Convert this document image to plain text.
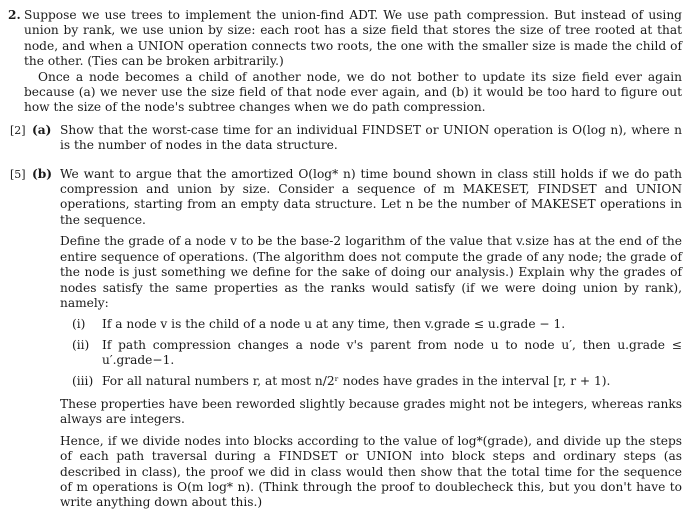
2. Suppose we use trees to implement the union-find ADT. We use path compression. But instead of using union by rank, we use union by size: each root has a size field that stores the size of tree rooted at that node, and when a UNION operation connects two roots, the one with the smaller size is made the child of the other. (Ties can be broken arbitrarily.)

Once a node becomes a child of another node, we do not bother to update its size field ever again because (a) we never use the size field of that node ever again, and (b) it would be too hard to figure out how the size of the node's subtree changes when we do path compression.

[2] (a) Show that the worst-case time for an individual FINDSET or UNION operation is O(log n), where n is the number of nodes in the data structure.

[5] (b) We want to argue that the amortized O(log* n) time bound shown in class still holds if we do path compression and union by size. Consider a sequence of m MAKESET, FINDSET and UNION operations, starting from an empty data structure. Let n be the number of MAKESET operations in the sequence.

Define the grade of a node v to be the base-2 logarithm of the value that v.size has at the end of the entire sequence of operations. (The algorithm does not compute the grade of any node; the grade of the node is just something we define for the sake of doing our analysis.) Explain why the grades of nodes satisfy the same properties as the ranks would satisfy (if we were doing union by rank), namely:

(i)	If a node v is the child of a node u at any time, then v.grade ≤ u.grade − 1.
(ii)	If path compression changes a node v's parent from node u to node u′, then u.grade ≤ u′.grade−1.
(iii) For all natural numbers r, at most n/2ʳ nodes have grades in the interval [r, r + 1).

These properties have been reworded slightly because grades might not be integers, whereas ranks always are integers.

Hence, if we divide nodes into blocks according to the value of log*(grade), and divide up the steps of each path traversal during a FINDSET or UNION into block steps and ordinary steps (as described in class), the proof we did in class would then show that the total time for the sequence of m operations is O(m log* n). (Think through the proof to doublecheck this, but you don't have to write anything down about this.)
